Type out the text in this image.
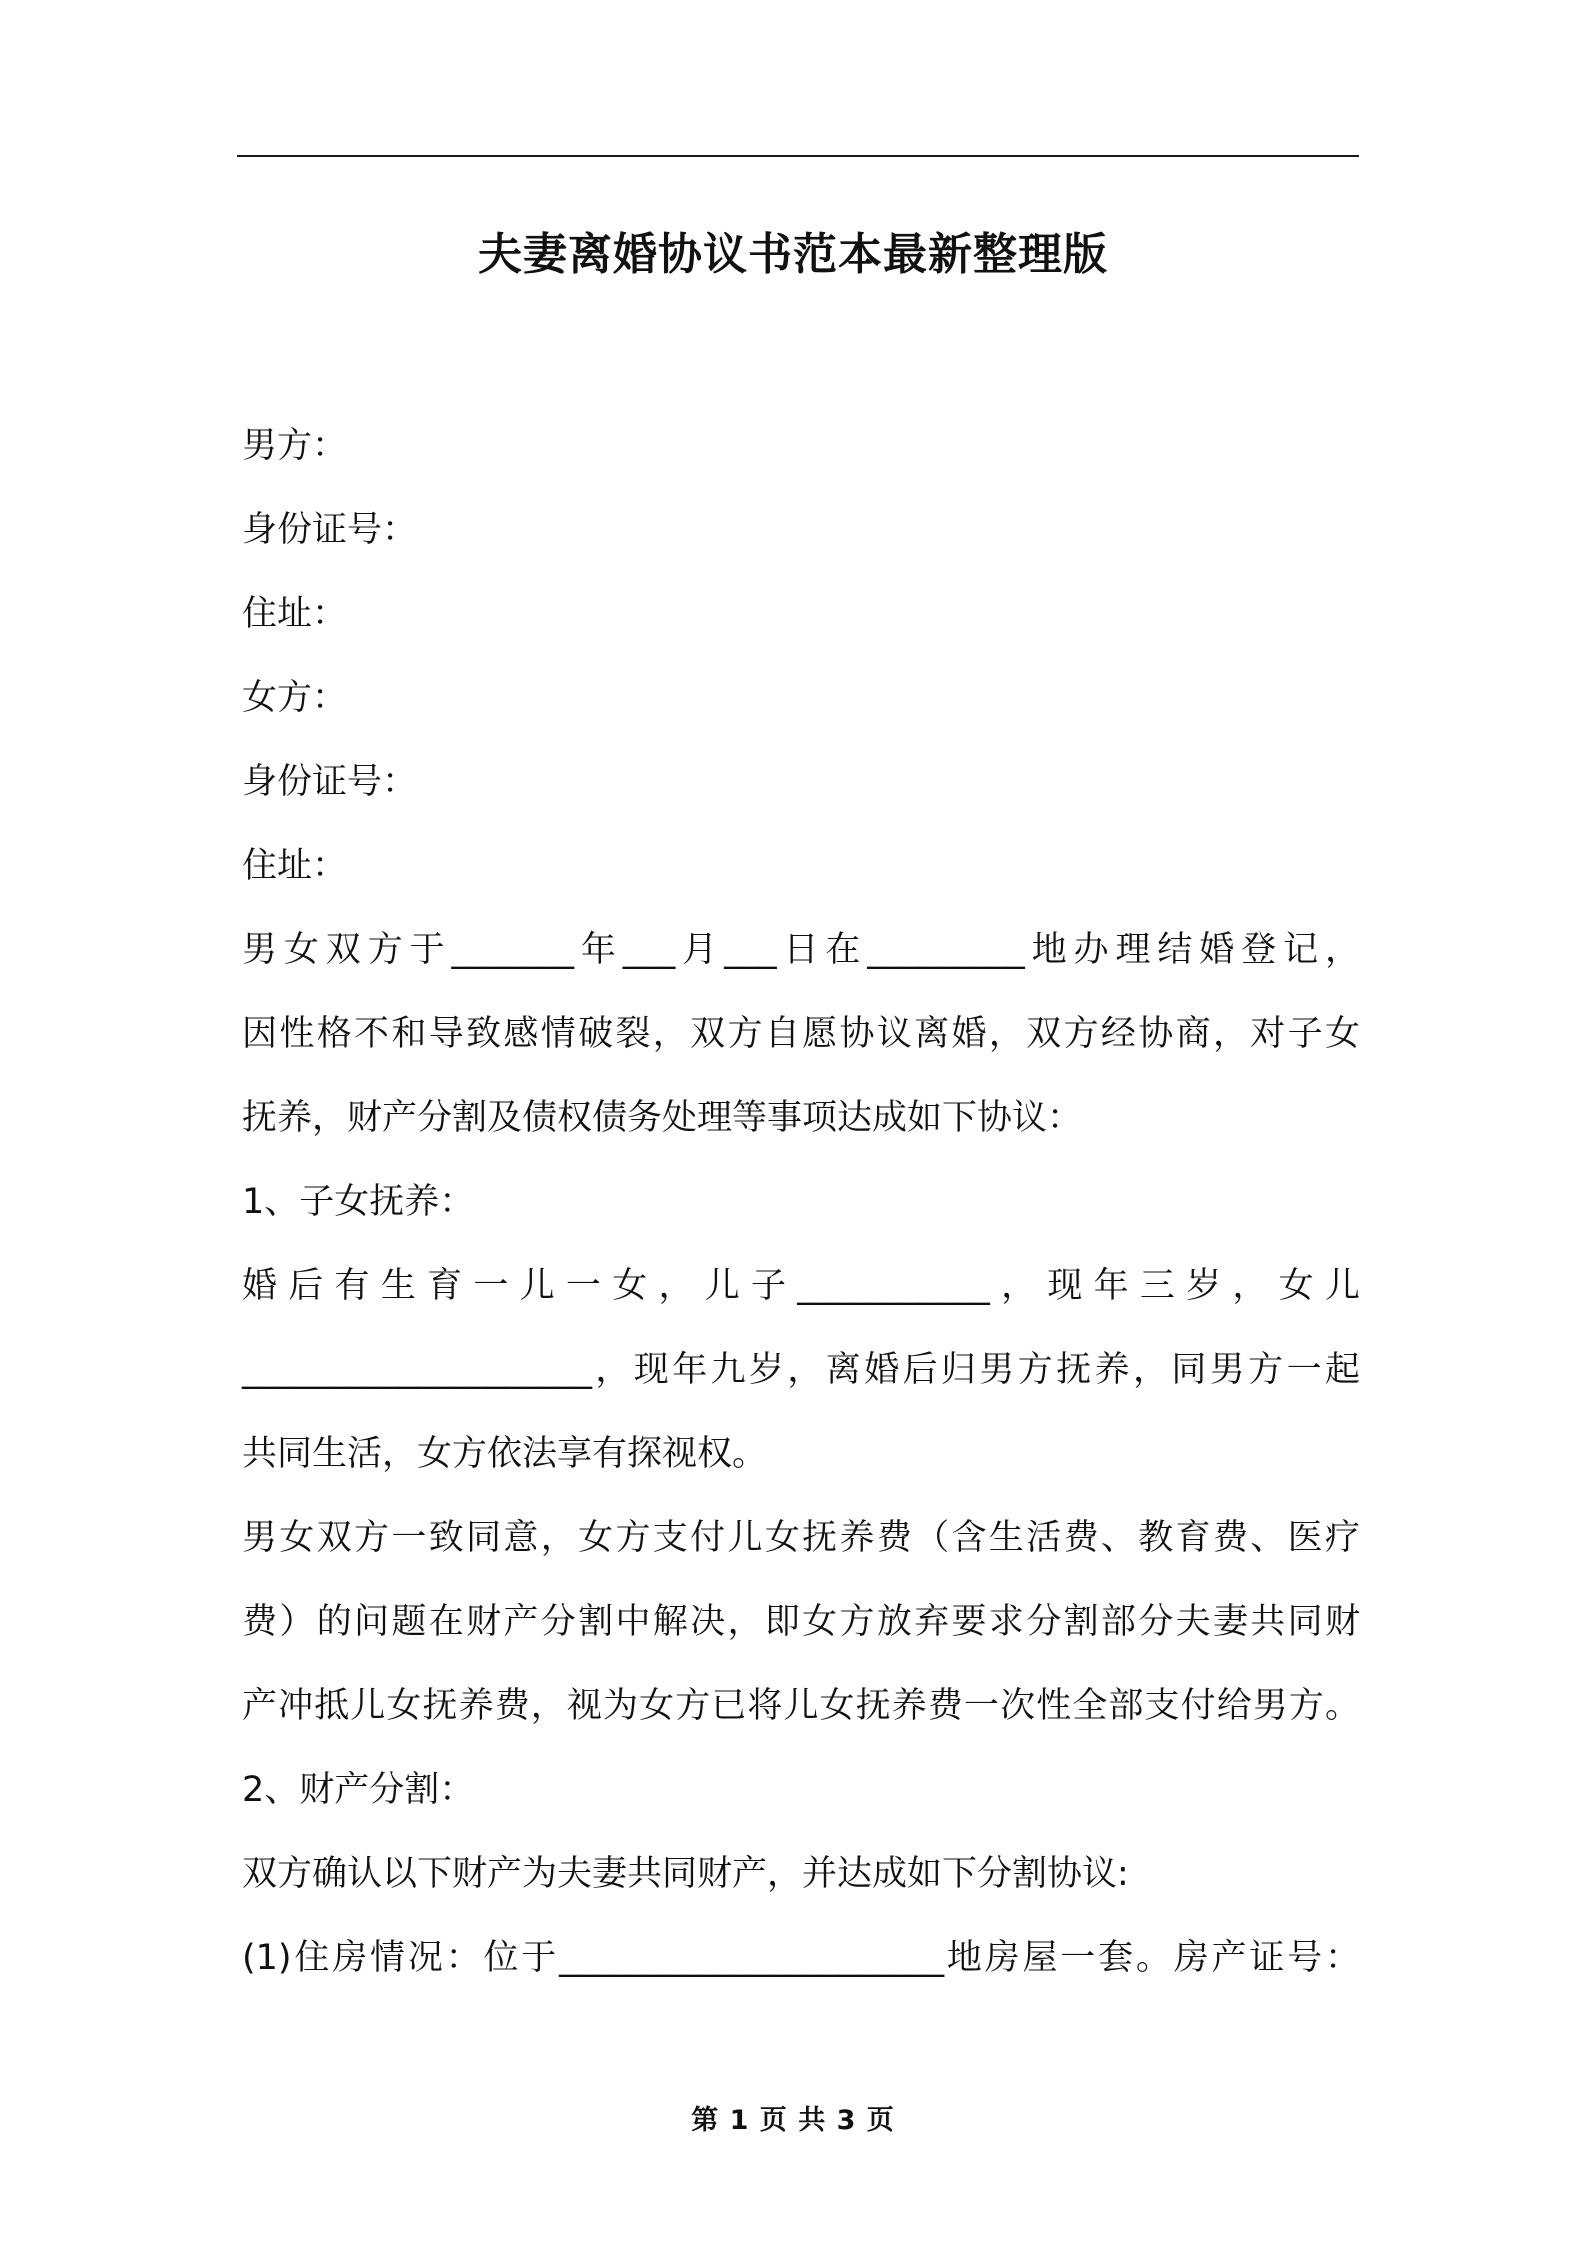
夫妻离婚协议书范本最新整理版
男方：
身份证号：
住址：
女方：
身份证号：
住址：
男女双方于_______年___月___日在_________地办理结婚登记，
因性格不和导致感情破裂，双方自愿协议离婚，双方经协商，对子女
抚养，财产分割及债权债务处理等事项达成如下协议：
1、子女抚养：
婚后有生育一儿一女，儿子___________，现年三岁，女儿
____________________，现年九岁，离婚后归男方抚养，同男方一起
共同生活，女方依法享有探视权。
男女双方一致同意，女方支付儿女抚养费（含生活费、教育费、医疗
费）的问题在财产分割中解决，即女方放弃要求分割部分夫妻共同财
产冲抵儿女抚养费，视为女方已将儿女抚养费一次性全部支付给男方。
2、财产分割：
双方确认以下财产为夫妻共同财产，并达成如下分割协议:
(1)住房情况：位于______________________地房屋一套。房产证号：
第 1 页 共 3 页
